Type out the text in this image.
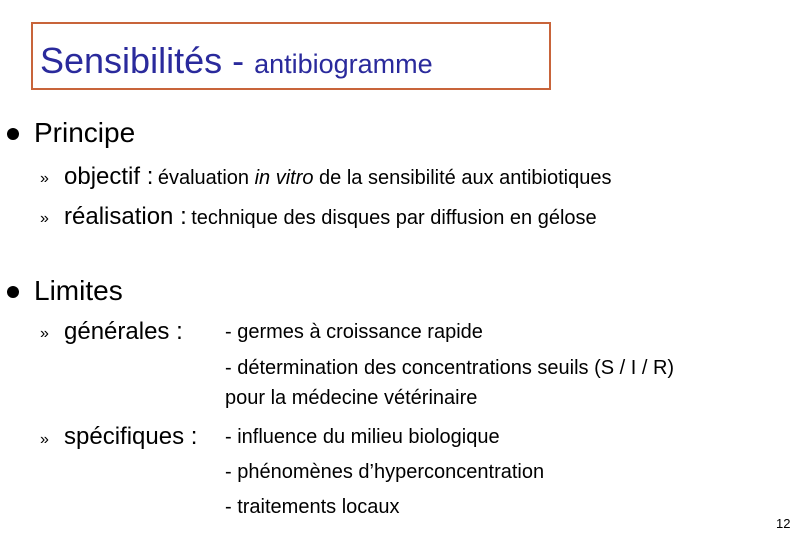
Sensibilités - antibiogramme
Principe
» objectif : évaluation in vitro de la sensibilité aux antibiotiques
» réalisation : technique des disques par diffusion en gélose
Limites
» générales : - germes à croissance rapide
- détermination des concentrations seuils (S / I / R)
pour la médecine vétérinaire
» spécifiques : - influence du milieu biologique
- phénomènes d’hyperconcentration
- traitements locaux
12
